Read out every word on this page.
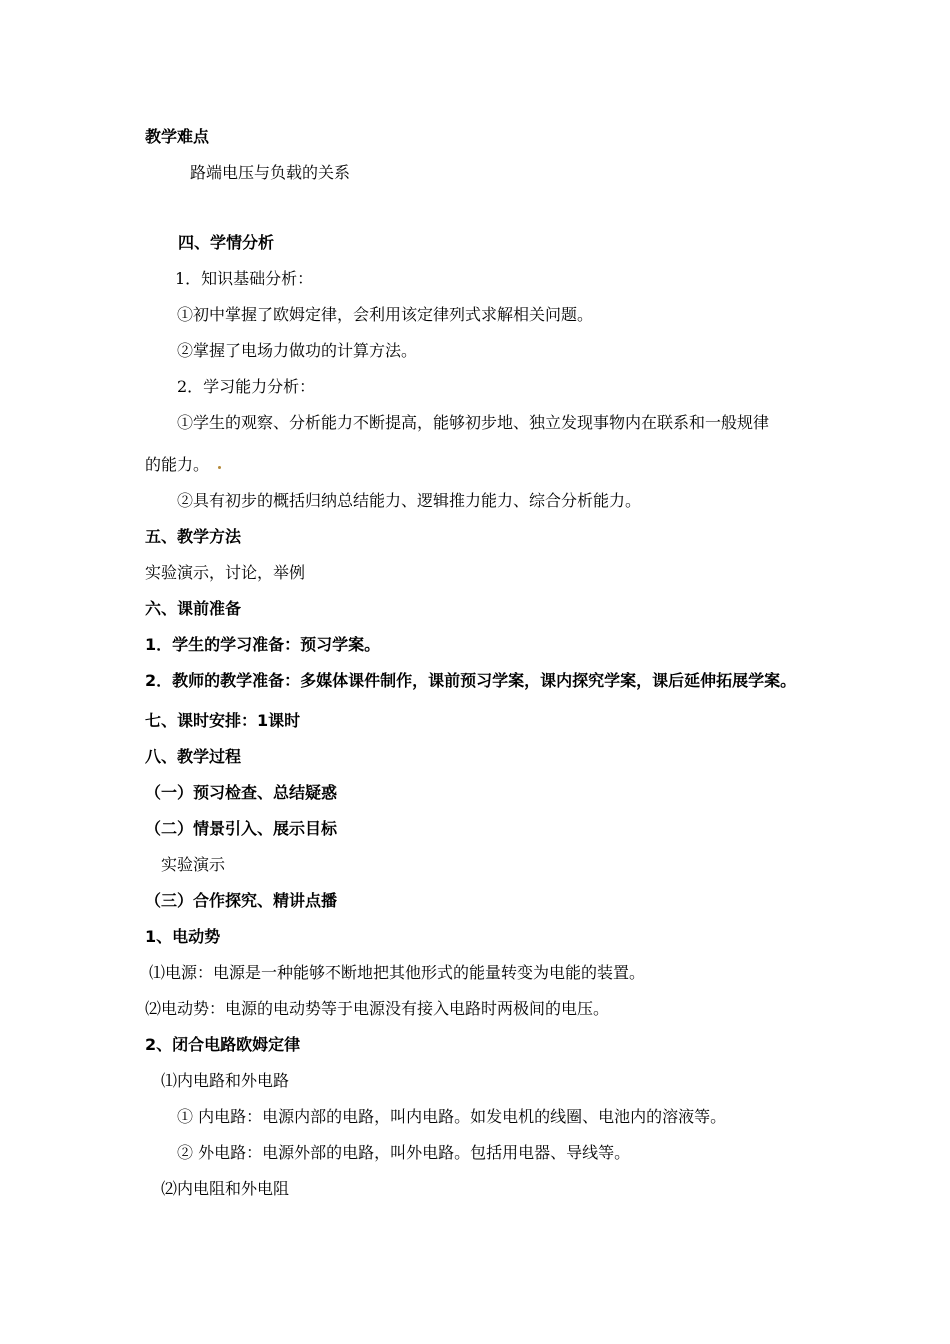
教学难点
路端电压与负载的关系
四、学情分析
1．知识基础分析：
①初中掌握了欧姆定律，会利用该定律列式求解相关问题。
②掌握了电场力做功的计算方法。
2．学习能力分析：
①学生的观察、分析能力不断提高，能够初步地、独立发现事物内在联系和一般规律
的能力。
②具有初步的概括归纳总结能力、逻辑推力能力、综合分析能力。
五、教学方法
实验演示，讨论，举例
六、课前准备
1．学生的学习准备：预习学案。
2．教师的教学准备：多媒体课件制作，课前预习学案，课内探究学案，课后延伸拓展学案。
七、课时安排：1课时
八、教学过程
（一）预习检查、总结疑惑
（二）情景引入、展示目标
实验演示
（三）合作探究、精讲点播
1、电动势
⑴电源：电源是一种能够不断地把其他形式的能量转变为电能的装置。
⑵电动势：电源的电动势等于电源没有接入电路时两极间的电压。
2、闭合电路欧姆定律
⑴内电路和外电路
① 内电路：电源内部的电路，叫内电路。如发电机的线圈、电池内的溶液等。
② 外电路：电源外部的电路，叫外电路。包括用电器、导线等。
⑵内电阻和外电阻
